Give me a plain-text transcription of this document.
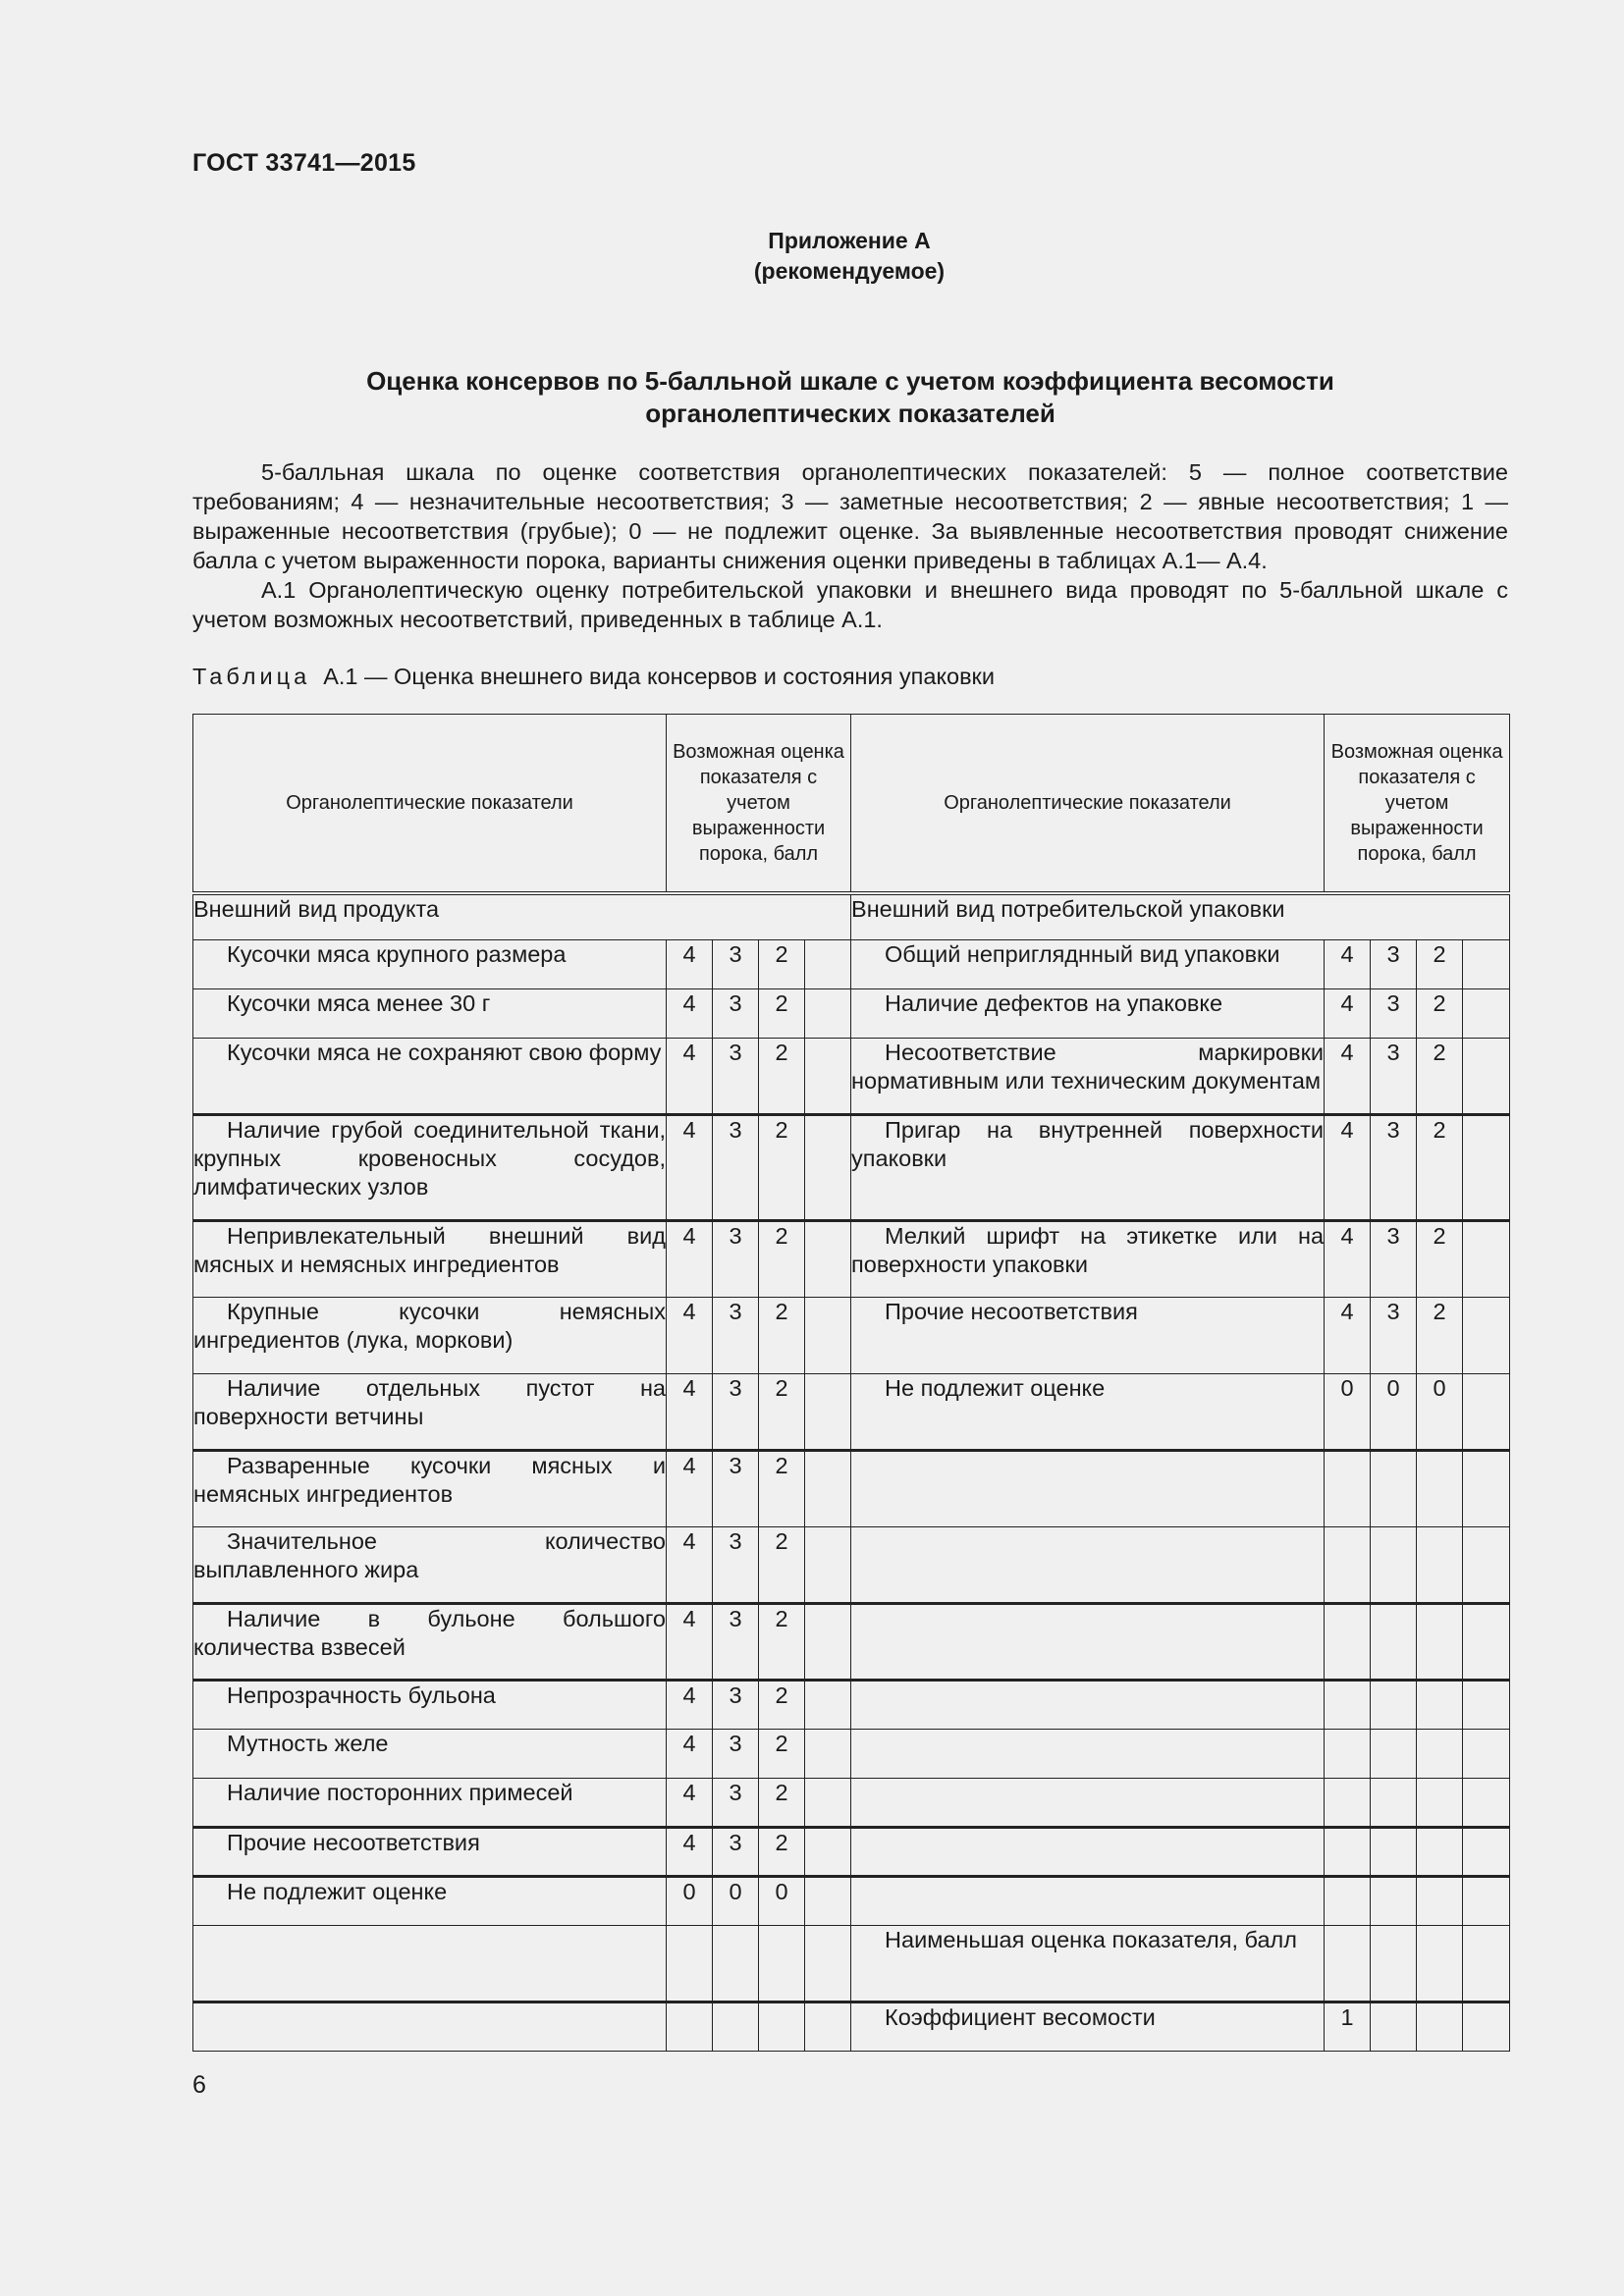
ГОСТ 33741—2015
Приложение А
(рекомендуемое)
Оценка консервов по 5-балльной шкале с учетом коэффициента весомости
органолептических показателей

5-балльная шкала по оценке соответствия органолептических показателей: 5 — полное соответствие требованиям; 4 — незначительные несоответствия; 3 — заметные несоответствия; 2 — явные несоответствия; 1 — выраженные несоответствия (грубые); 0 — не подлежит оценке. За выявленные несоответствия проводят снижение балла с учетом выраженности порока, варианты снижения оценки приведены в таблицах А.1— А.4.

А.1 Органолептическую оценку потребительской упаковки и внешнего вида проводят по 5-балльной шкале с учетом возможных несоответствий, приведенных в таблице А.1.

Таблица А.1 — Оценка внешнего вида консервов и состояния упаковки
Органолептические показатели	Возможная оценка показателя с учетом выраженности порока, балл				Органолептические показатели	Возможная оценка показателя с учетом выраженности порока, балл			
Внешний вид продукта					Внешний вид потребительской упаковки				

Кусочки мяса крупного размера	4	3	2		Общий непригляднный вид упаковки	4	3	2	

Кусочки мяса менее 30 г	4	3	2		Наличие дефектов на упаковке	4	3	2	

Кусочки мяса не сохраняют свою форму	4	3	2		Несоответствие маркировки нормативным или техническим документам	4	3	2	

Наличие грубой соединительной ткани, крупных кровеносных сосудов, лимфатических узлов	4	3	2		Пригар на внутренней поверхности упаковки	4	3	2	

Непривлекательный внешний вид мясных и немясных ингредиентов	4	3	2		Мелкий шрифт на этикетке или на поверхности упаковки	4	3	2	

Крупные кусочки немясных ингредиентов (лука, моркови)	4	3	2		Прочие несоответствия	4	3	2	

Наличие отдельных пустот на поверхности ветчины	4	3	2		Не подлежит оценке	0	0	0	

Разваренные кусочки мясных и немясных ингредиентов	4	3	2		

Значительное количество выплавленного жира	4	3	2		

Наличие в бульоне большого количества взвесей	4	3	2		

Непрозрачность бульона	4	3	2		

Мутность желе	4	3	2		

Наличие посторонних примесей	4	3	2		

Прочие несоответствия	4	3	2		

Не подлежит оценке	0	0	0		

					Наименьшая оценка показателя, балл				

					Коэффициент весомости	1			
6
